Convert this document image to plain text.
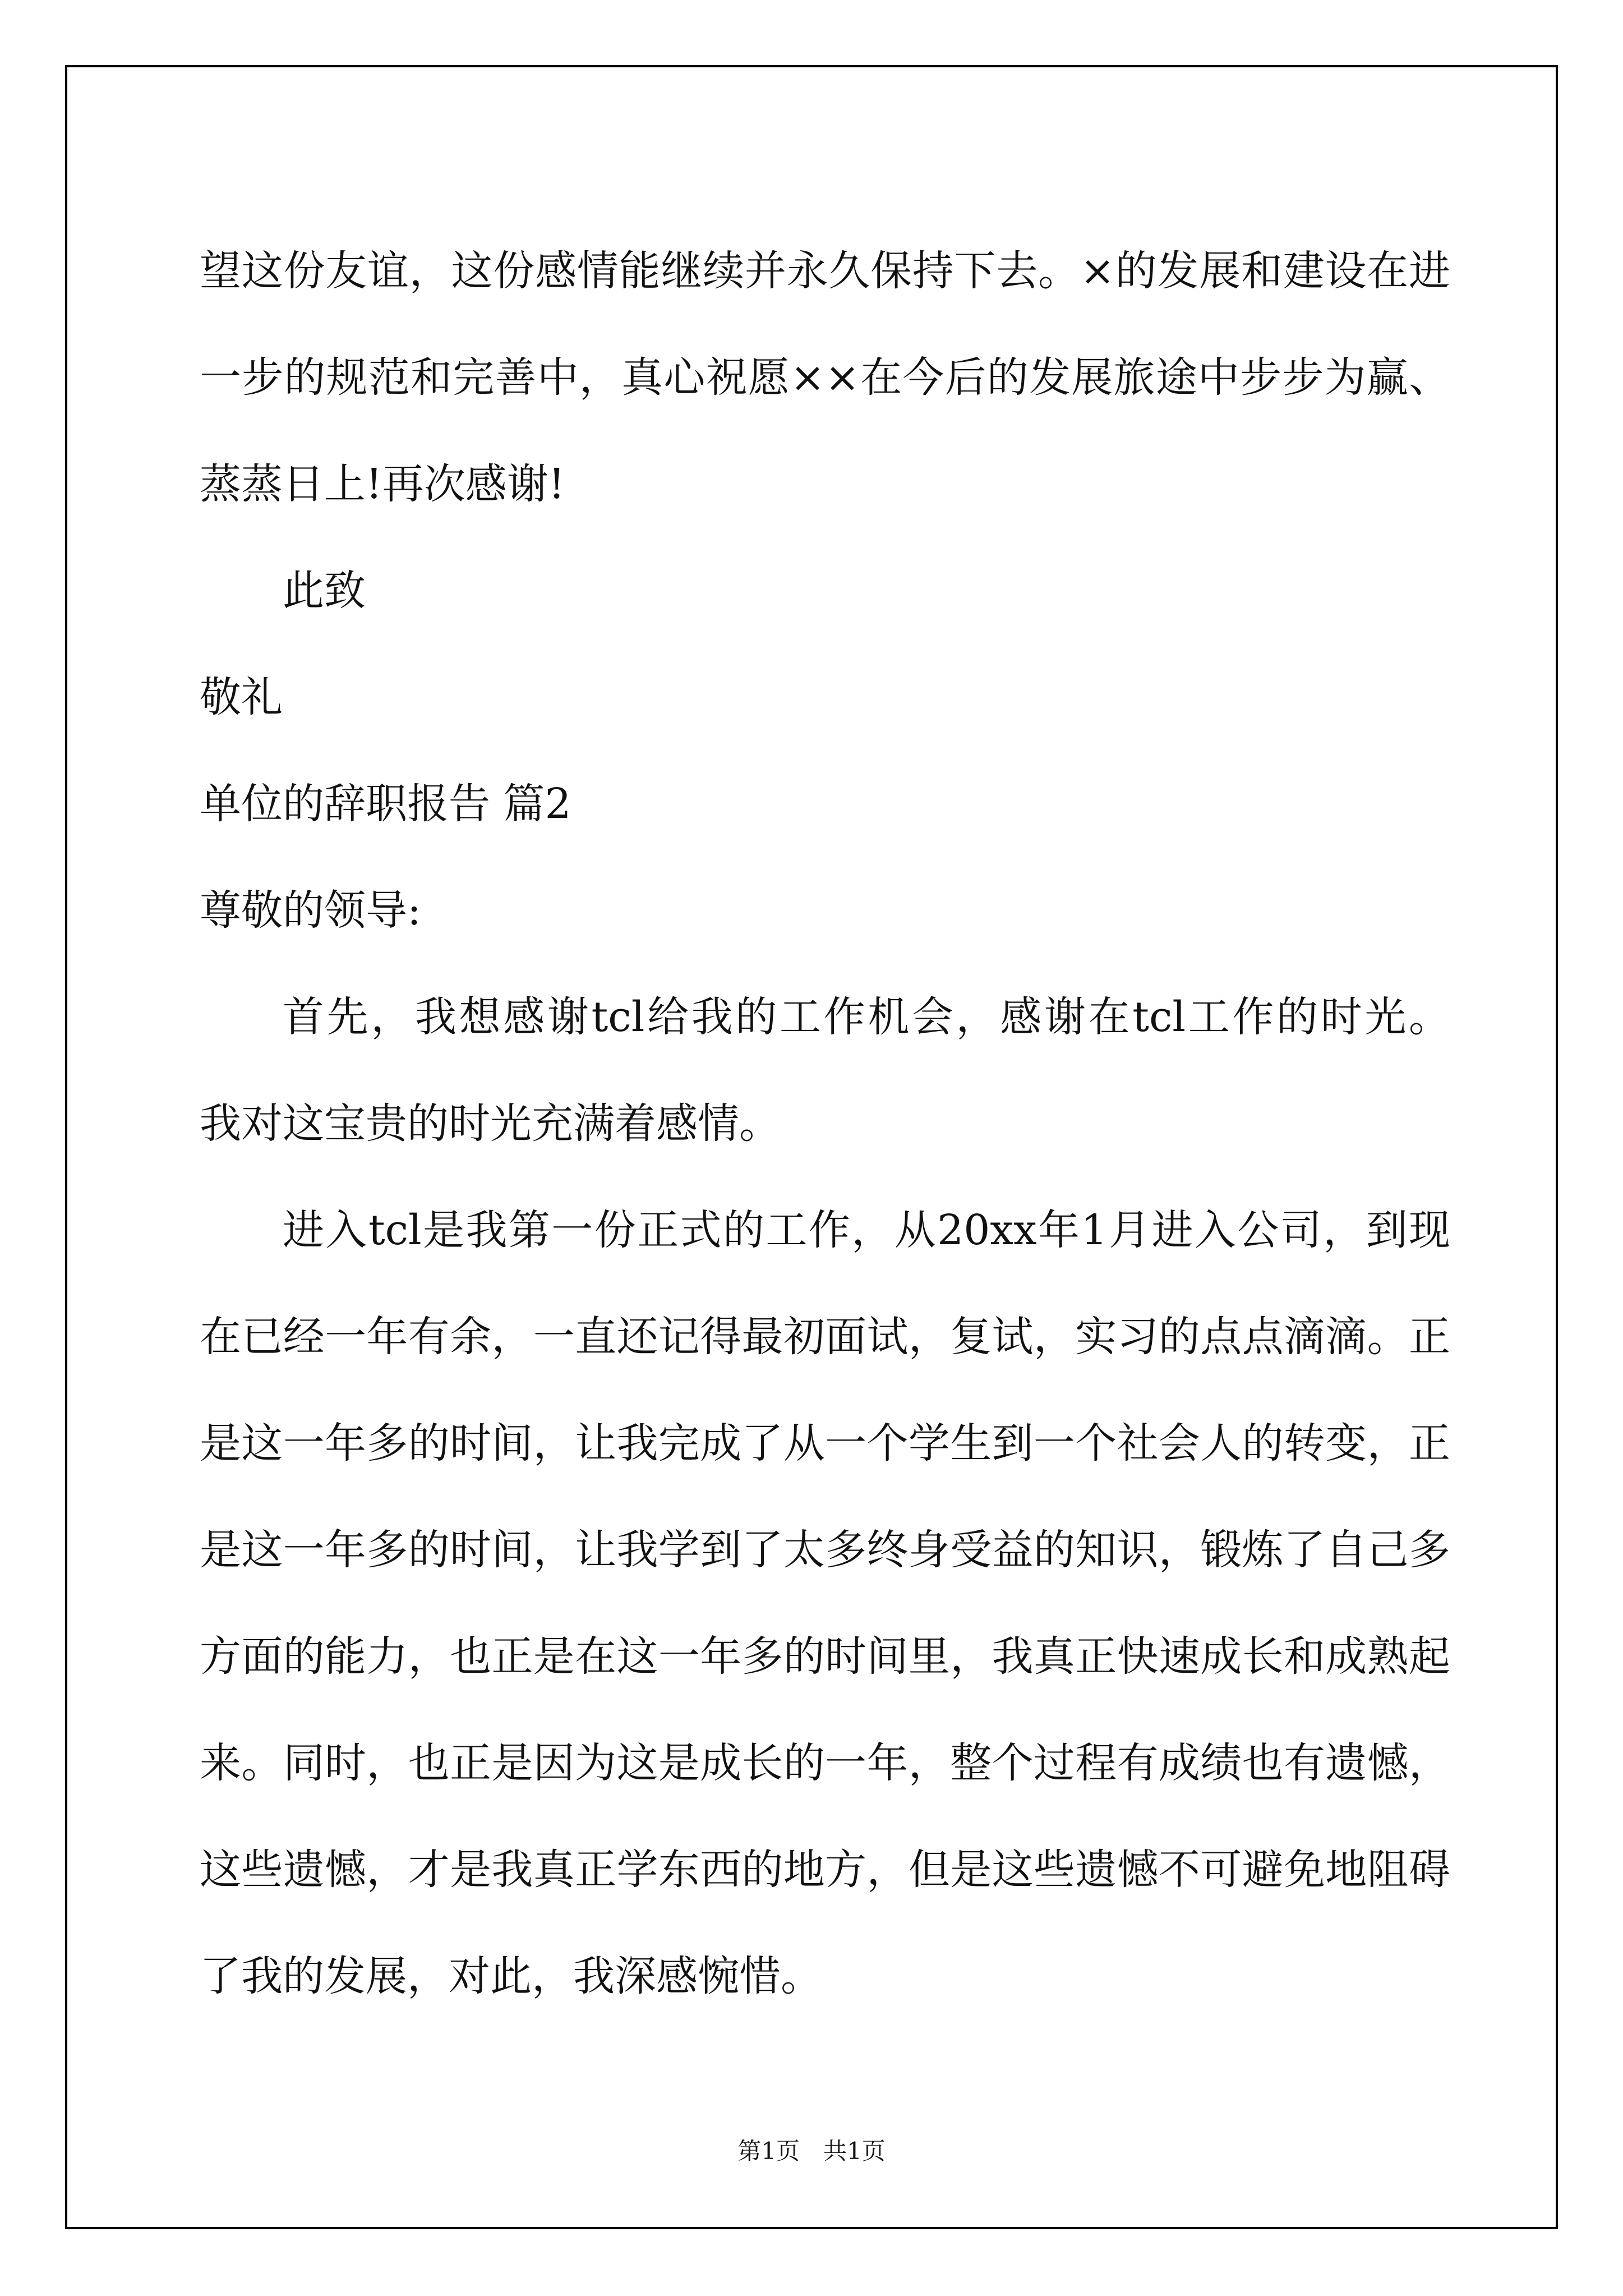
望这份友谊，这份感情能继续并永久保持下去。×的发展和建设在进
一步的规范和完善中，真心祝愿××在今后的发展旅途中步步为赢、
蒸蒸日上!再次感谢!
此致
敬礼
单位的辞职报告 篇2
尊敬的领导:
首先，我想感谢tcl给我的工作机会，感谢在tcl工作的时光。
我对这宝贵的时光充满着感情。
进入tcl是我第一份正式的工作，从20xx年1月进入公司，到现
在已经一年有余，一直还记得最初面试，复试，实习的点点滴滴。正
是这一年多的时间，让我完成了从一个学生到一个社会人的转变，正
是这一年多的时间，让我学到了太多终身受益的知识，锻炼了自己多
方面的能力，也正是在这一年多的时间里，我真正快速成长和成熟起
来。同时，也正是因为这是成长的一年，整个过程有成绩也有遗憾，
这些遗憾，才是我真正学东西的地方，但是这些遗憾不可避免地阻碍
了我的发展，对此，我深感惋惜。
第1页　共1页
